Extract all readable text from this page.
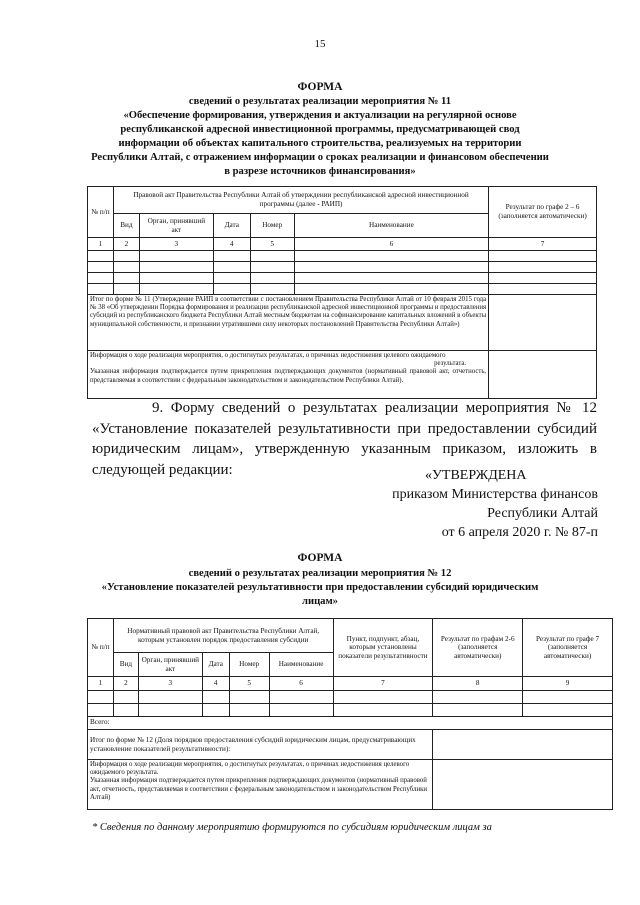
15
ФОРМА
сведений о результатах реализации мероприятия № 11
«Обеспечение формирования, утверждения и актуализации на регулярной основе
республиканской адресной инвестиционной программы, предусматривающей свод
информации об объектах капитального строительства, реализуемых на территории
Республики Алтай, с отражением информации о сроках реализации и финансовом обеспечении
в разрезе источников финансирования»
№ п/п	Правовой акт Правительства Республики Алтай об утверждении республиканской адресной инвестиционной программы (далее - РАИП)					Результат по графе 2 – 6 (заполняется автоматически)
	Вид	Орган, принявший акт	Дата	Номер	Наименование	
1	2	3	4	5	6	7

Итог по форме № 11 (Утверждение РАИП в соответствии с постановлением Правительства Республики Алтай от 10 февраля 2015 года № 38 «Об утверждении Порядка формирования и реализации республиканской адресной инвестиционной программы и предоставления субсидий из республиканского бюджета Республики Алтай местным бюджетам на софинансирование капитальных вложений в объекты муниципальной собственности, и признании утратившими силу некоторых постановлений Правительства Республики Алтай»)						

Информация о ходе реализации мероприятия, о достигнутых результатах, о причинах недостижения целевого ожидаемого
результата.
Указанная информация подтверждается путем прикрепления подтверждающих документов (нормативный правовой акт, отчетность, представляемая в соответствии с федеральным законодательством и законодательством Республики Алтай).						

9. Форму сведений о результатах реализации мероприятия № 12 «Установление показателей результативности при предоставлении субсидий юридическим лицам», утвержденную указанным приказом, изложить в следующей редакции:	«УТВЕРЖДЕНА
приказом Министерства финансов
Республики Алтай
от 6 апреля 2020 г. № 87-п
ФОРМА
сведений о результатах реализации мероприятия № 12
«Установление показателей результативности при предоставлении субсидий юридическим
лицам»
№ п/п	Нормативный правовой акт Правительства Республики Алтай, которым установлен порядок предоставления субсидии					Пункт, подпункт, абзац, которым установлены показатели результативности	Результат по графам 2-6 (заполняется автоматически)	Результат по графе 7 (заполняется автоматически)
	Вид	Орган, принявший акт	Дата	Номер	Наименование			
1	2	3	4	5	6	7	8	9

Всего:								
Итог по форме № 12 (Доля порядков предоставления субсидий юридическим лицам, предусматривающих установление показателей результативности):								

Информация о ходе реализации мероприятия, о достигнутых результатах, о причинах недостижения целевого ожидаемого результата.
Указанная информация подтверждается путем прикрепления подтверждающих документов (нормативный правовой акт, отчетность, представляемая в соответствии с федеральным законодательством и законодательством Республики Алтай)								

* Сведения по данному мероприятию формируются по субсидиям юридическим лицам за
